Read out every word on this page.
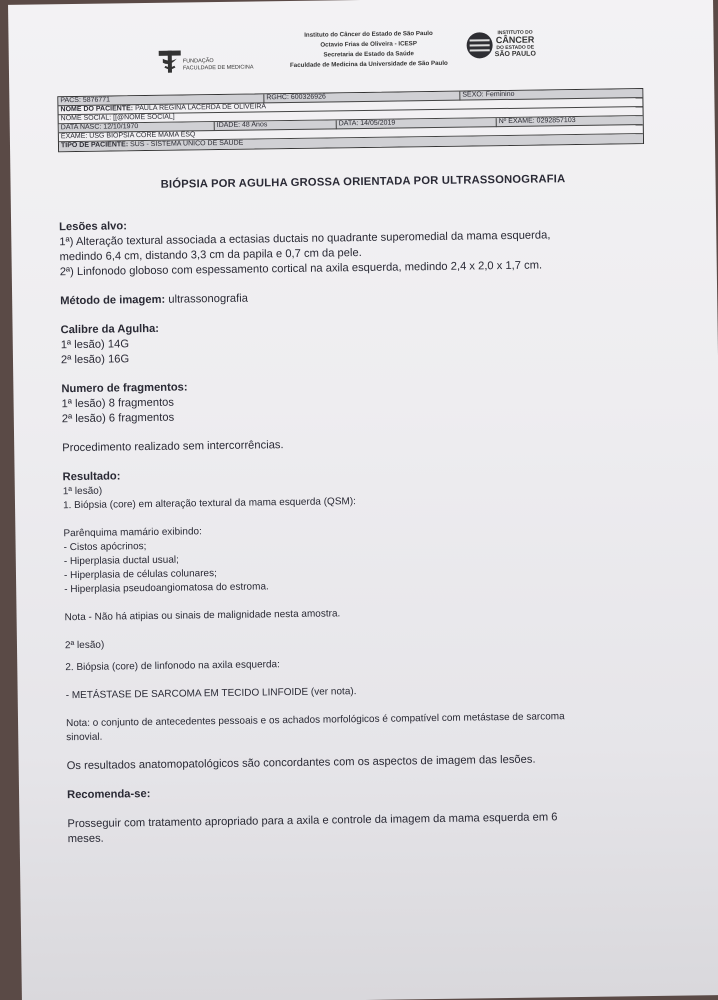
FUNDAÇÃO
FACULDADE DE MEDICINA
Instituto do Câncer do Estado de São Paulo
Octavio Frias de Oliveira - ICESP
Secretaria de Estado da Saúde
Faculdade de Medicina da Universidade de São Paulo
INSTITUTO DO
CÂNCER
DO ESTADO DE
SÃO PAULO
PACS: 5876771	RGHC: 600326926	SEXO: Feminino
NOME DO PACIENTE: PAULA REGINA LACERDA DE OLIVEIRA
NOME SOCIAL: [[@NOME SOCIAL]
DATA NASC: 12/10/1970	IDADE: 48 Anos	DATA: 14/05/2019	Nº EXAME: 0292857103
EXAME: USG BIOPSIA CORE MAMA ESQ
TIPO DE PACIENTE: SUS - SISTEMA UNICO DE SAUDE
BIÓPSIA POR AGULHA GROSSA ORIENTADA POR ULTRASSONOGRAFIA
Lesões alvo:
1ª) Alteração textural associada a ectasias ductais no quadrante superomedial da mama esquerda,
medindo 6,4 cm, distando 3,3 cm da papila e 0,7 cm da pele.
2ª) Linfonodo globoso com espessamento cortical na axila esquerda, medindo 2,4 x 2,0 x 1,7 cm.
Método de imagem: ultrassonografia
Calibre da Agulha:
1ª lesão) 14G
2ª lesão) 16G
Numero de fragmentos:
1ª lesão) 8 fragmentos
2ª lesão) 6 fragmentos
Procedimento realizado sem intercorrências.
Resultado:
1ª lesão)
1. Biópsia (core) em alteração textural da mama esquerda (QSM):
Parênquima mamário exibindo:
- Cistos apócrinos;
- Hiperplasia ductal usual;
- Hiperplasia de células colunares;
- Hiperplasia pseudoangiomatosa do estroma.
Nota - Não há atipias ou sinais de malignidade nesta amostra.
2ª lesão)
2. Biópsia (core) de linfonodo na axila esquerda:
- METÁSTASE DE SARCOMA EM TECIDO LINFOIDE (ver nota).
Nota: o conjunto de antecedentes pessoais e os achados morfológicos é compatível com metástase de sarcoma
sinovial.
Os resultados anatomopatológicos são concordantes com os aspectos de imagem das lesões.
Recomenda-se:
Prosseguir com tratamento apropriado para a axila e controle da imagem da mama esquerda em 6
meses.
